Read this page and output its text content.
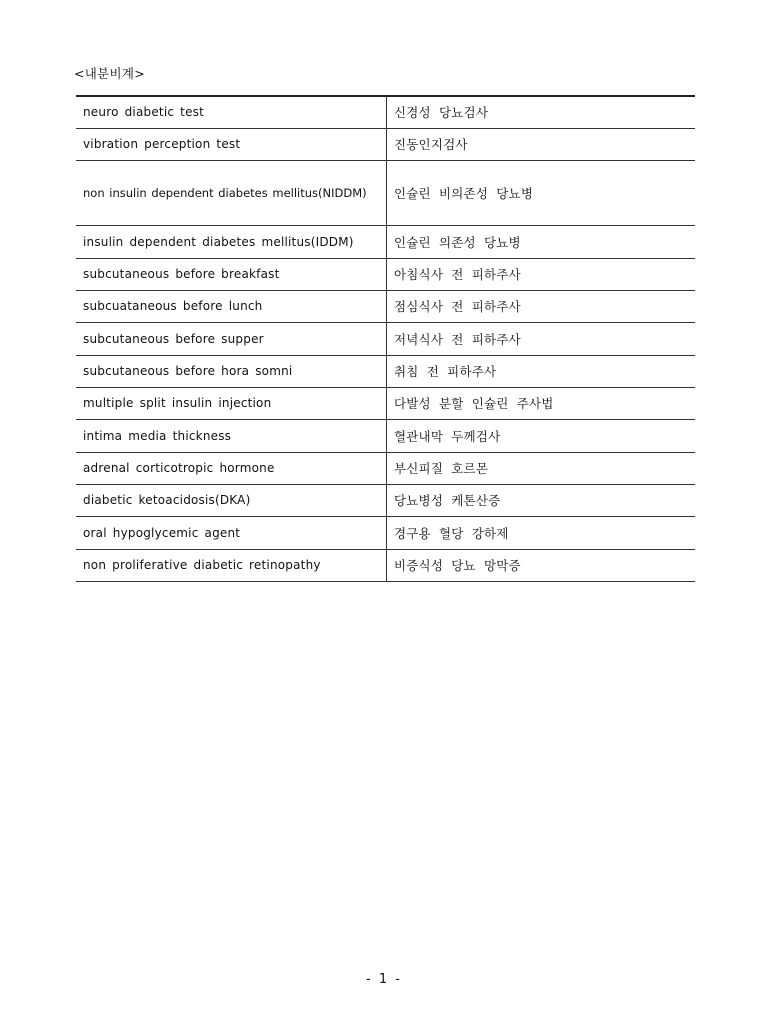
<내분비계>
neuro diabetic test	신경성 당뇨검사
vibration perception test	진동인지검사
non insulin dependent diabetes mellitus(NIDDM)	인슐린 비의존성 당뇨병
insulin dependent diabetes mellitus(IDDM)	인슐린 의존성 당뇨병
subcutaneous before breakfast	아침식사 전 피하주사
subcuataneous before lunch	점심식사 전 피하주사
subcutaneous before supper	저녁식사 전 피하주사
subcutaneous before hora somni	취침 전 피하주사
multiple split insulin injection	다발성 분할 인슐린 주사법
intima media thickness	혈관내막 두께검사
adrenal corticotropic hormone	부신피질 호르몬
diabetic ketoacidosis(DKA)	당뇨병성 케톤산증
oral hypoglycemic agent	경구용 혈당 강하제
non proliferative diabetic retinopathy	비증식성 당뇨 망막증
- 1 -
